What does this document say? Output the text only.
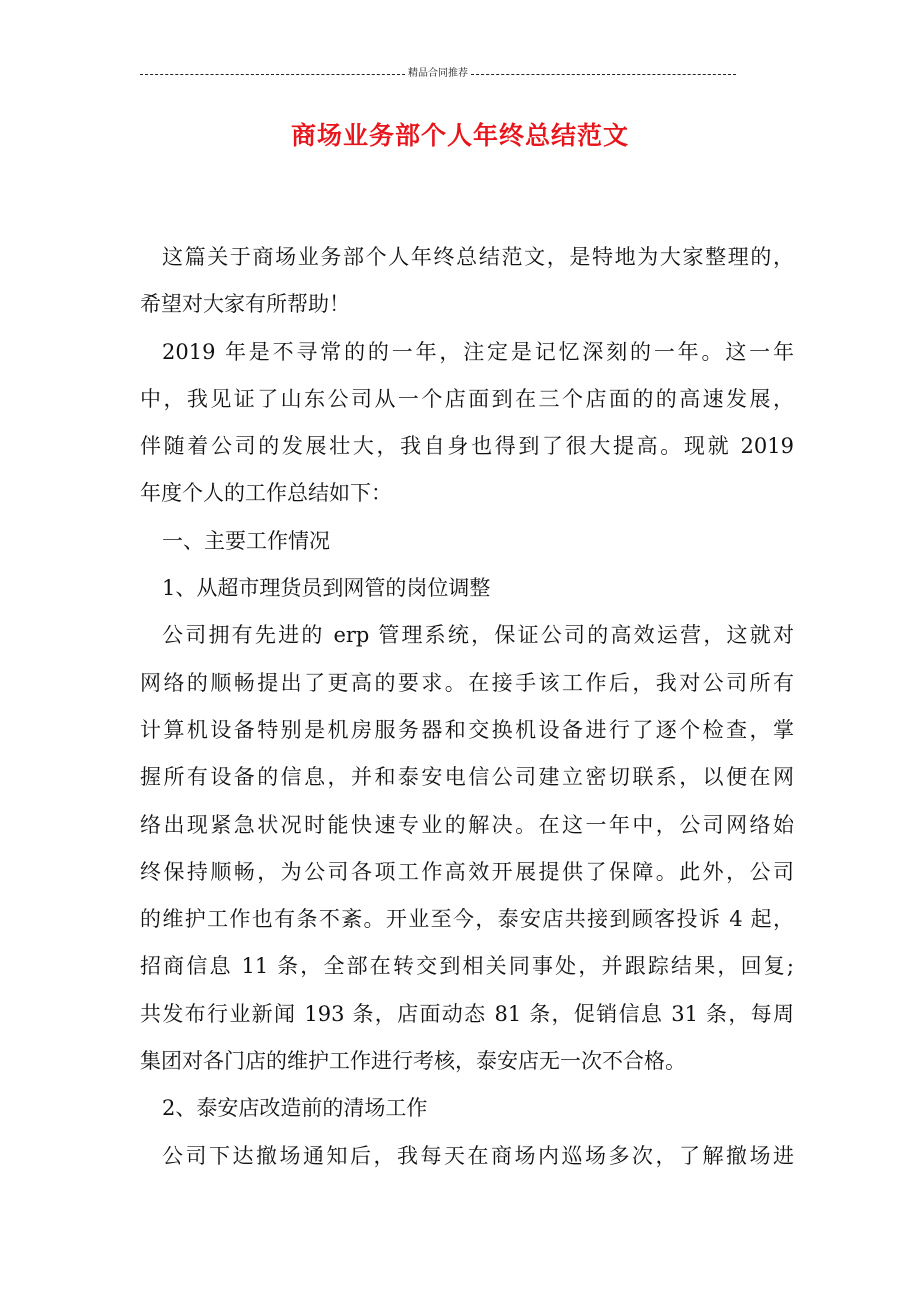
精品合同推荐
商场业务部个人年终总结范文
这篇关于商场业务部个人年终总结范文，是特地为大家整理的，
希望对大家有所帮助！
2019 年是不寻常的的一年，注定是记忆深刻的一年。这一年
中，我见证了山东公司从一个店面到在三个店面的的高速发展，
伴随着公司的发展壮大，我自身也得到了很大提高。现就 2019
年度个人的工作总结如下：
一、主要工作情况
1、从超市理货员到网管的岗位调整
公司拥有先进的 erp 管理系统，保证公司的高效运营，这就对
网络的顺畅提出了更高的要求。在接手该工作后，我对公司所有
计算机设备特别是机房服务器和交换机设备进行了逐个检查，掌
握所有设备的信息，并和泰安电信公司建立密切联系，以便在网
络出现紧急状况时能快速专业的解决。在这一年中，公司网络始
终保持顺畅，为公司各项工作高效开展提供了保障。此外，公司
的维护工作也有条不紊。开业至今，泰安店共接到顾客投诉 4 起，
招商信息 11 条，全部在转交到相关同事处，并跟踪结果，回复;
共发布行业新闻 193 条，店面动态 81 条，促销信息 31 条，每周
集团对各门店的维护工作进行考核，泰安店无一次不合格。
2、泰安店改造前的清场工作
公司下达撤场通知后，我每天在商场内巡场多次，了解撤场进
